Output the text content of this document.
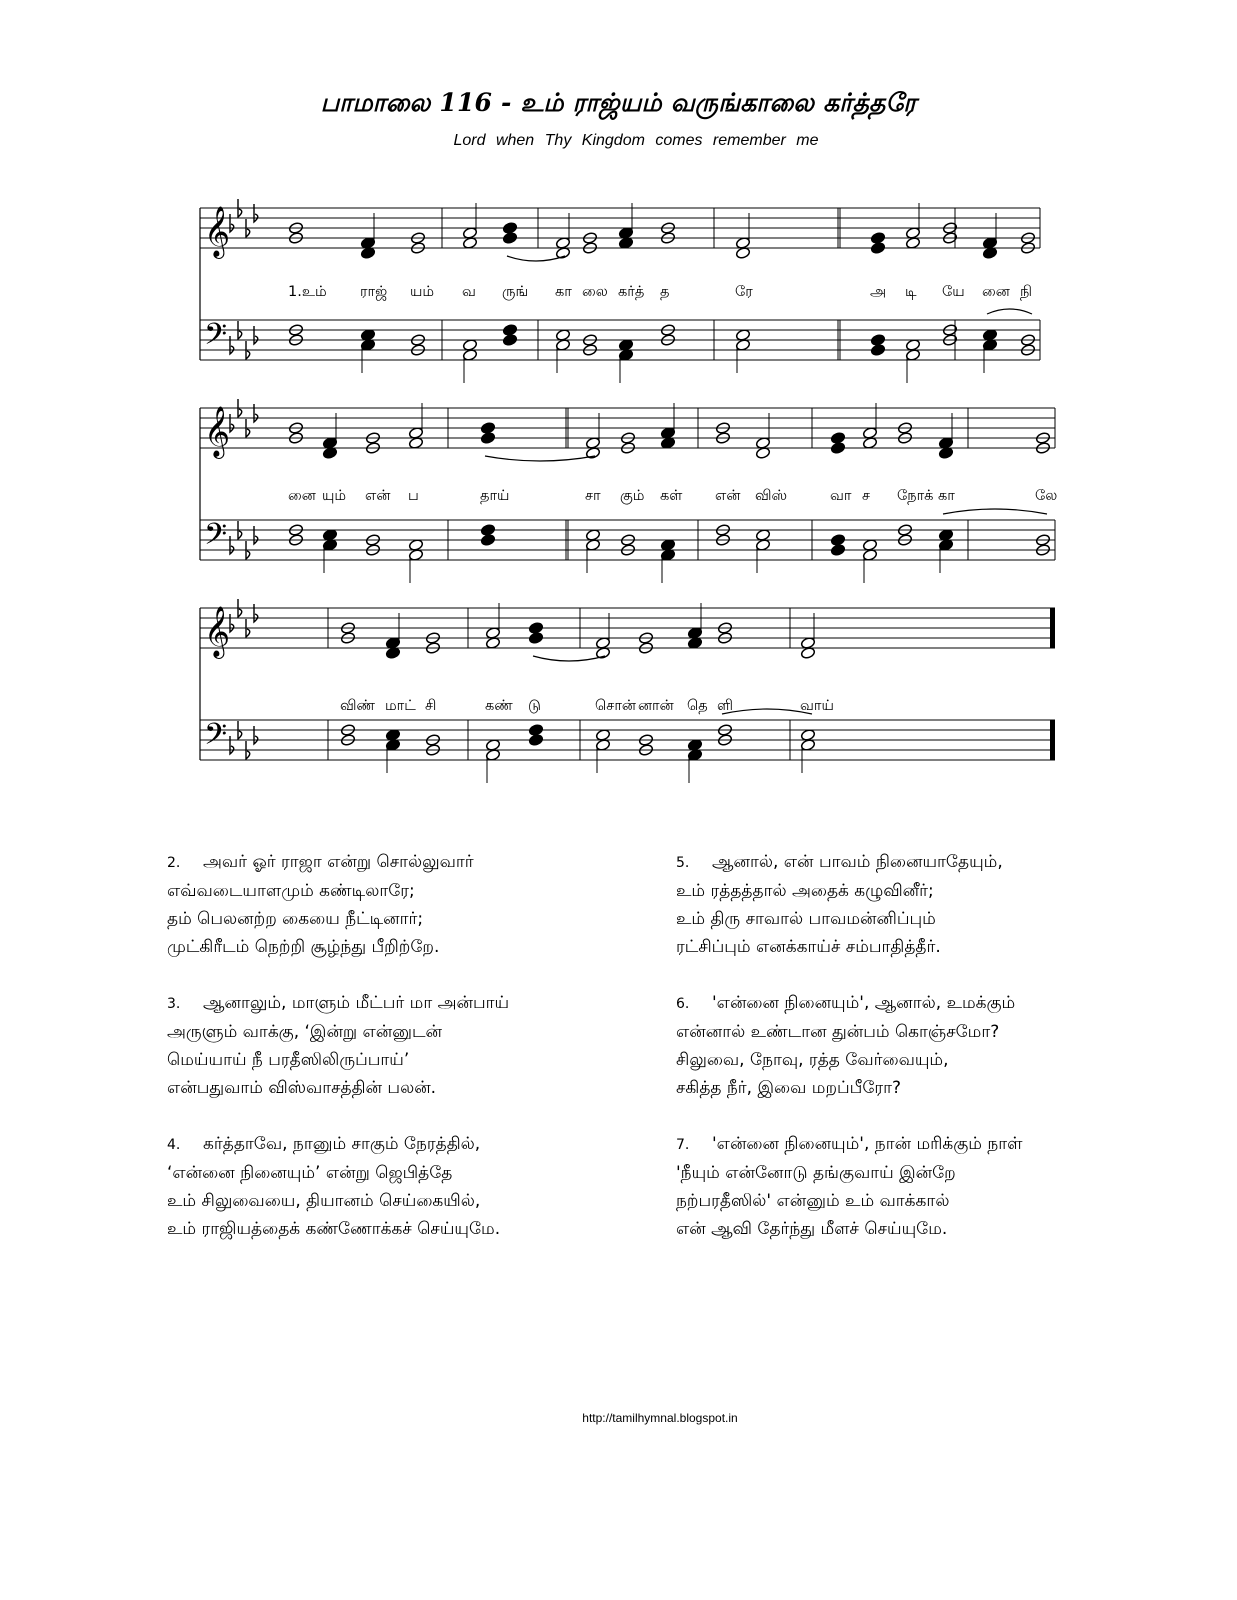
பாமாலை 116 - உம் ராஜ்யம் வருங்காலை கர்த்தரே
Lord when Thy Kingdom comes remember me
𝄞
𝄢
𝄞
𝄢
𝄞
𝄢
1.உம் ராஜ் யம் வ ருங் கா லை கர்த் த	ரே	அ டி யே னை நி
னை யும் என் ப	தாய்	சா கும் கள் என் விஸ்	வா ச நோக் கா	லே
விண் மாட் சி	கண் டு	சொன் னான் தெ ளி	வாய்
2. அவர் ஓர் ராஜா என்று சொல்லுவார்
எவ்வடையாளமும் கண்டிலாரே;
தம் பெலனற்ற கையை நீட்டினார்;
முட்கிரீடம் நெற்றி சூழ்ந்து பீறிற்றே.
3. ஆனாலும், மாளும் மீட்பர் மா அன்பாய்
அருளும் வாக்கு, ‘இன்று என்னுடன்
மெய்யாய் நீ பரதீஸிலிருப்பாய்’
என்பதுவாம் விஸ்வாசத்தின் பலன்.
4. கர்த்தாவே, நானும் சாகும் நேரத்தில்,
‘என்னை நினையும்’ என்று ஜெபித்தே
உம் சிலுவையை, தியானம் செய்கையில்,
உம் ராஜியத்தைக் கண்ணோக்கச் செய்யுமே.
5. ஆனால், என் பாவம் நினையாதேயும்,
உம் ரத்தத்தால் அதைக் கழுவினீர்;
உம் திரு சாவால் பாவமன்னிப்பும்
ரட்சிப்பும் எனக்காய்ச் சம்பாதித்தீர்.
6. 'என்னை நினையும்', ஆனால், உமக்கும்
என்னால் உண்டான துன்பம் கொஞ்சமோ?
சிலுவை, நோவு, ரத்த வேர்வையும்,
சகித்த நீர், இவை மறப்பீரோ?
7. 'என்னை நினையும்', நான் மரிக்கும் நாள்
'நீயும் என்னோடு தங்குவாய் இன்றே
நற்பரதீஸில்' என்னும் உம் வாக்கால்
என் ஆவி தேர்ந்து மீளச் செய்யுமே.
http://tamilhymnal.blogspot.in
